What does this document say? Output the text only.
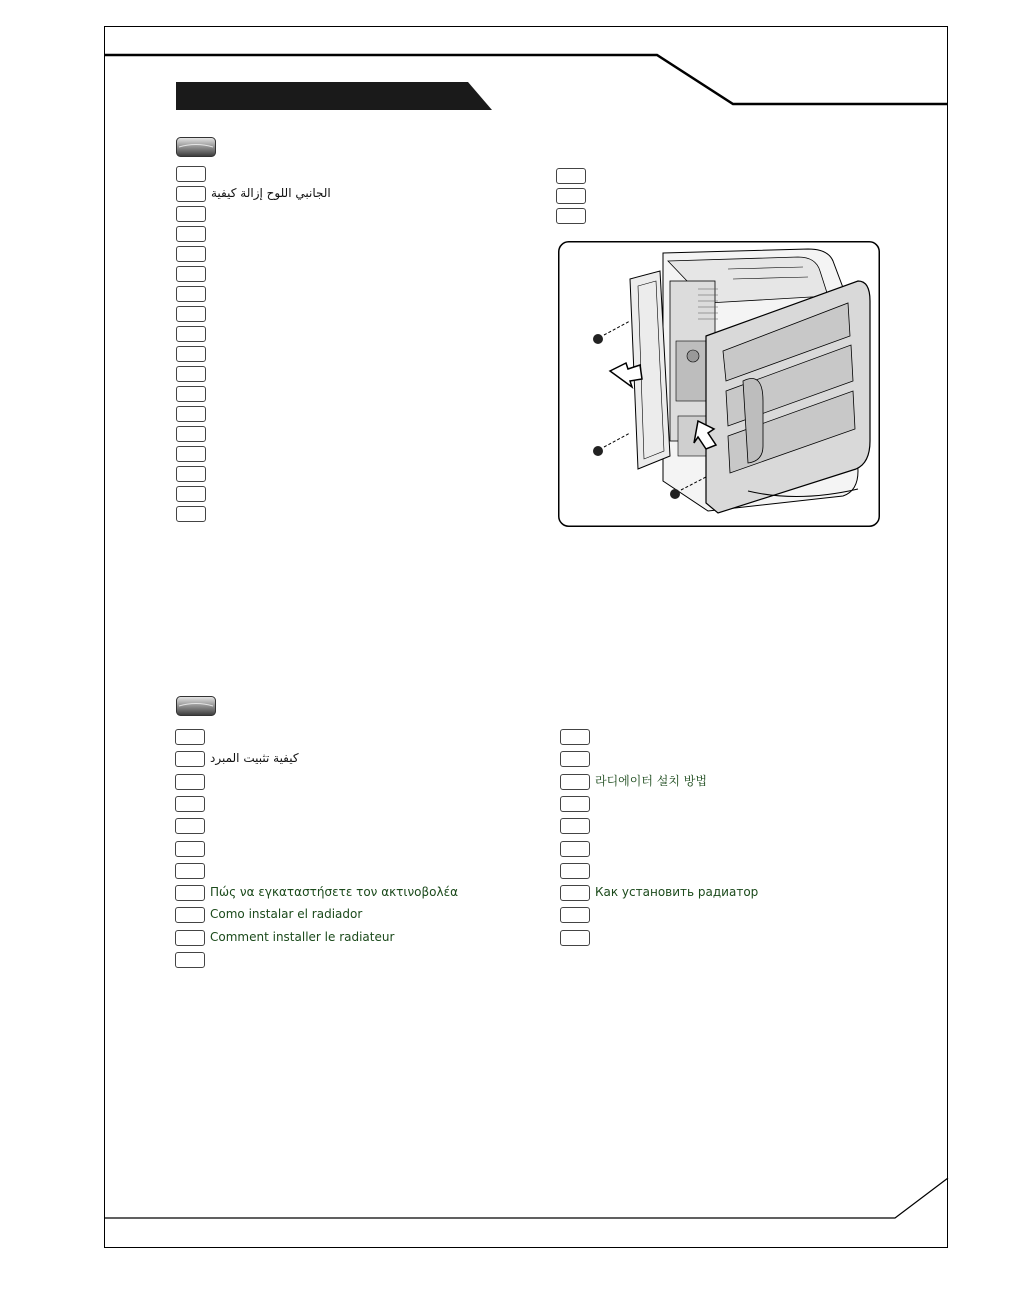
الجانبي اللوح إزالة كيفية
كيفية تثبيت المبرد
Πώς να εγκαταστήσετε τον ακτινοβολέα
Como instalar el radiador
Comment installer le radiateur
라디에이터 설치 방법
Как установить радиатор
